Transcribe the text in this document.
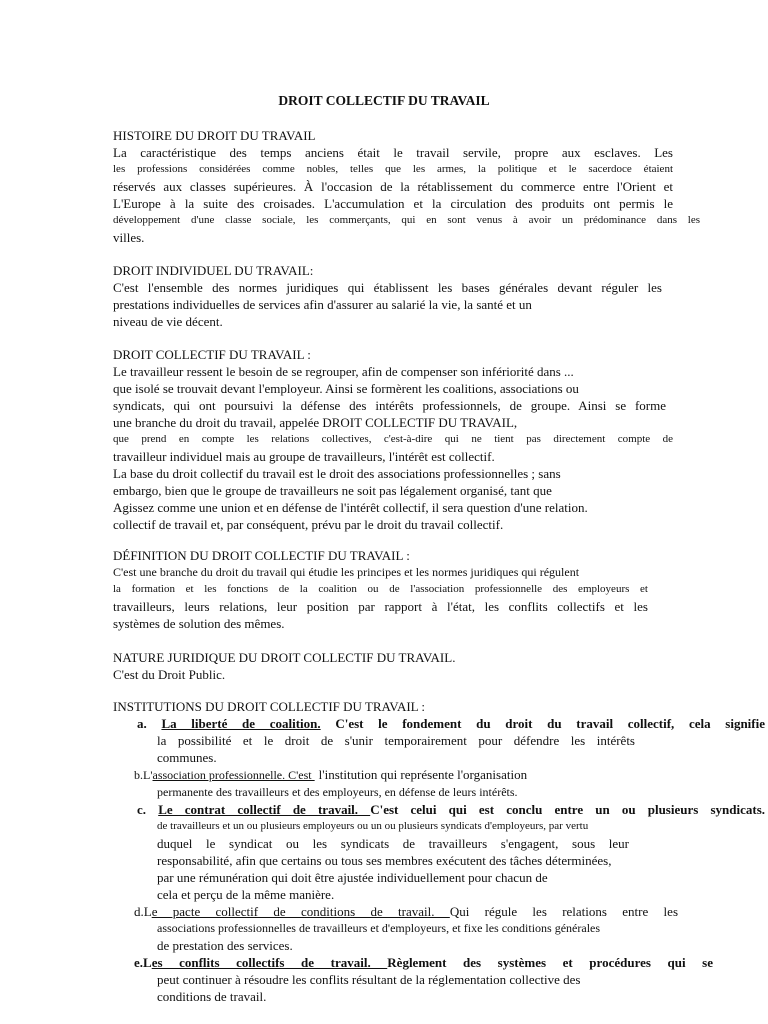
DROIT COLLECTIF DU TRAVAIL
HISTOIRE DU DROIT DU TRAVAIL
La caractéristique des temps anciens était le travail servile, propre aux esclaves. Les
les professions considérées comme nobles, telles que les armes, la politique et le sacerdoce étaient
réservés aux classes supérieures. À l'occasion de la rétablissement du commerce entre l'Orient et
L'Europe à la suite des croisades. L'accumulation et la circulation des produits ont permis le
développement d'une classe sociale, les commerçants, qui en sont venus à avoir un prédominance dans les
villes.
DROIT INDIVIDUEL DU TRAVAIL:
C'est l'ensemble des normes juridiques qui établissent les bases générales devant réguler les
prestations individuelles de services afin d'assurer au salarié la vie, la santé et un
niveau de vie décent.
DROIT COLLECTIF DU TRAVAIL :
Le travailleur ressent le besoin de se regrouper, afin de compenser son infériorité dans ...
que isolé se trouvait devant l'employeur. Ainsi se formèrent les coalitions, associations ou
syndicats, qui ont poursuivi la défense des intérêts professionnels, de groupe. Ainsi se forme
une branche du droit du travail, appelée DROIT COLLECTIF DU TRAVAIL,
que prend en compte les relations collectives, c'est-à-dire qui ne tient pas directement compte de
travailleur individuel mais au groupe de travailleurs, l'intérêt est collectif.
La base du droit collectif du travail est le droit des associations professionnelles ; sans
embargo, bien que le groupe de travailleurs ne soit pas légalement organisé, tant que
Agissez comme une union et en défense de l'intérêt collectif, il sera question d'une relation.
collectif de travail et, par conséquent, prévu par le droit du travail collectif.
DÉFINITION DU DROIT COLLECTIF DU TRAVAIL :
C'est une branche du droit du travail qui étudie les principes et les normes juridiques qui régulent
la formation et les fonctions de la coalition ou de l'association professionnelle des employeurs et
travailleurs, leurs relations, leur position par rapport à l'état, les conflits collectifs et les
systèmes de solution des mêmes.
NATURE JURIDIQUE DU DROIT COLLECTIF DU TRAVAIL.
C'est du Droit Public.
INSTITUTIONS DU DROIT COLLECTIF DU TRAVAIL :
a. La liberté de coalition. C'est le fondement du droit du travail collectif, cela signifie
la possibilité et le droit de s'unir temporairement pour défendre les intérêts
communes.
b.L'association professionnelle. C'est l'institution qui représente l'organisation
permanente des travailleurs et des employeurs, en défense de leurs intérêts.
c. Le contrat collectif de travail. C'est celui qui est conclu entre un ou plusieurs syndicats.
de travailleurs et un ou plusieurs employeurs ou un ou plusieurs syndicats d'employeurs, par vertu
duquel le syndicat ou les syndicats de travailleurs s'engagent, sous leur
responsabilité, afin que certains ou tous ses membres exécutent des tâches déterminées,
par une rémunération qui doit être ajustée individuellement pour chacun de
cela et perçu de la même manière.
d.Le pacte collectif de conditions de travail. Qui régule les relations entre les
associations professionnelles de travailleurs et d'employeurs, et fixe les conditions générales
de prestation des services.
e.Les conflits collectifs de travail. Règlement des systèmes et procédures qui se
peut continuer à résoudre les conflits résultant de la réglementation collective des
conditions de travail.
